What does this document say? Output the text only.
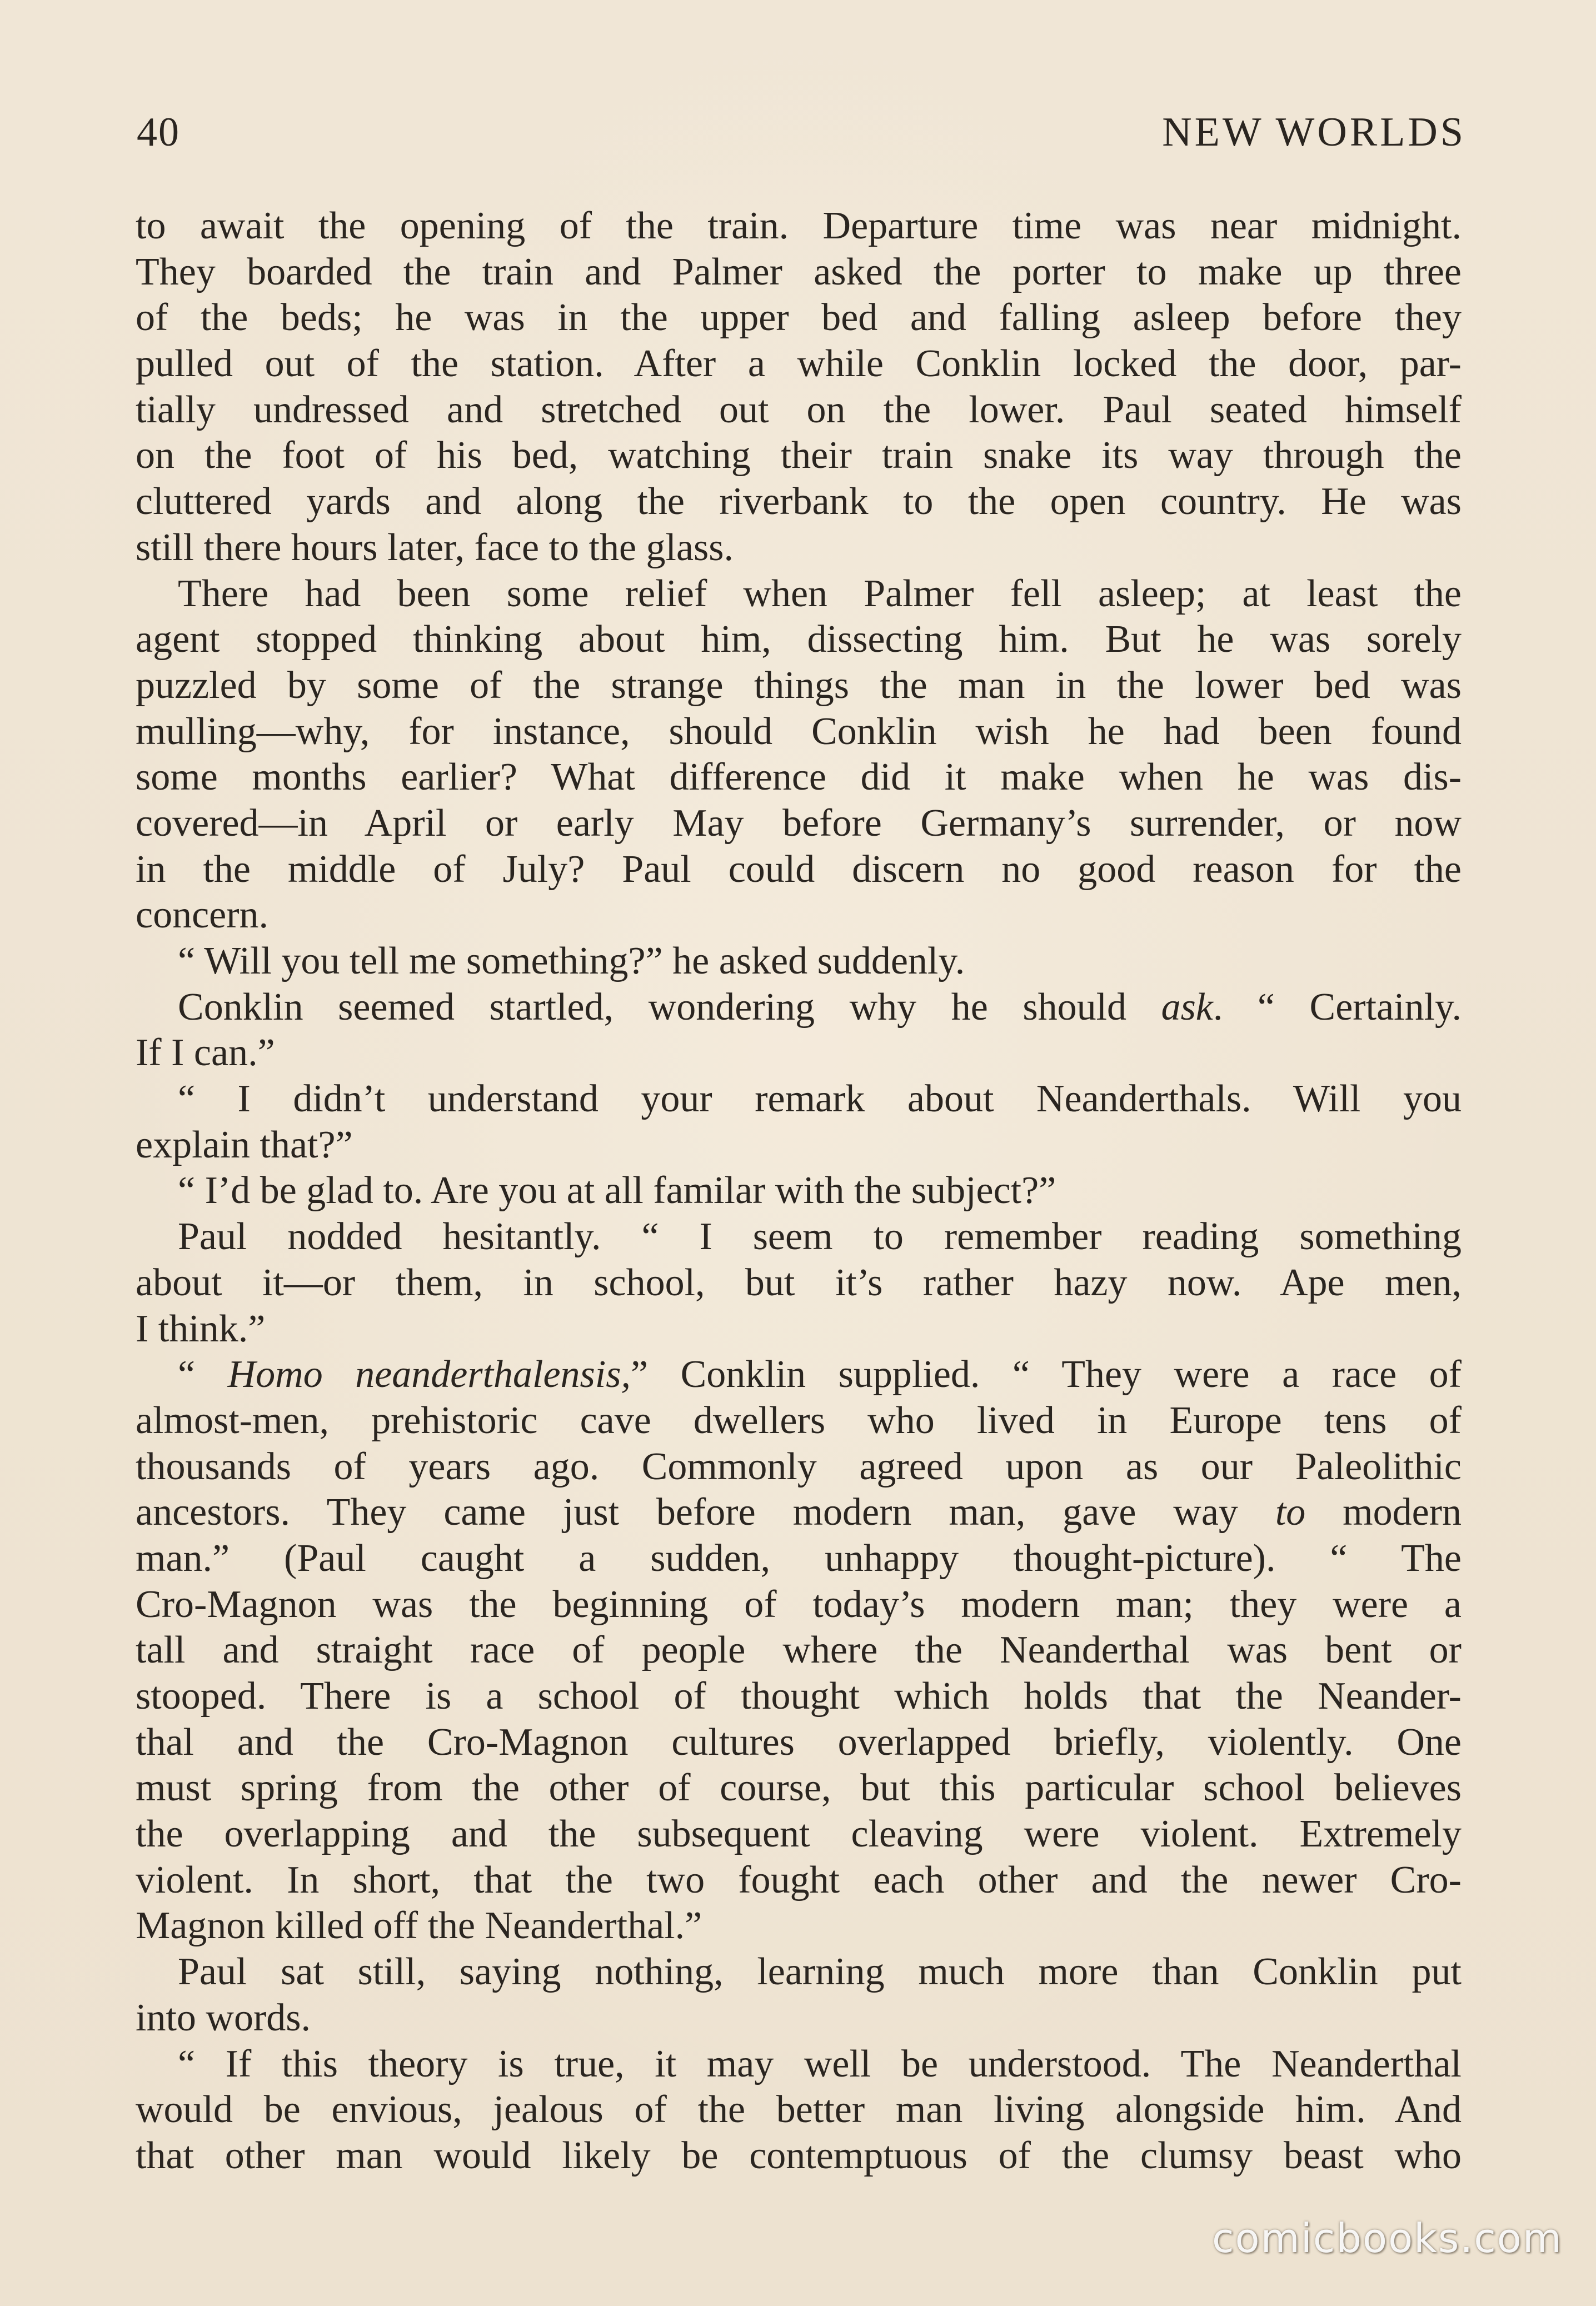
40	NEW WORLDS
to await the opening of the train. Departure time was near midnight.
They boarded the train and Palmer asked the porter to make up three
of the beds; he was in the upper bed and falling asleep before they
pulled out of the station. After a while Conklin locked the door, par-
tially undressed and stretched out on the lower. Paul seated himself
on the foot of his bed, watching their train snake its way through the
cluttered yards and along the riverbank to the open country. He was
still there hours later, face to the glass.
There had been some relief when Palmer fell asleep; at least the
agent stopped thinking about him, dissecting him. But he was sorely
puzzled by some of the strange things the man in the lower bed was
mulling—why, for instance, should Conklin wish he had been found
some months earlier? What difference did it make when he was dis-
covered—in April or early May before Germany’s surrender, or now
in the middle of July? Paul could discern no good reason for the
concern.
“ Will you tell me something?” he asked suddenly.
Conklin seemed startled, wondering why he should ask. “ Certainly.
If I can.”
“ I didn’t understand your remark about Neanderthals. Will you
explain that?”
“ I’d be glad to. Are you at all familar with the subject?”
Paul nodded hesitantly. “ I seem to remember reading something
about it—or them, in school, but it’s rather hazy now. Ape men,
I think.”
“ Homo neanderthalensis,” Conklin supplied. “ They were a race of
almost-men, prehistoric cave dwellers who lived in Europe tens of
thousands of years ago. Commonly agreed upon as our Paleolithic
ancestors. They came just before modern man, gave way to modern
man.” (Paul caught a sudden, unhappy thought-picture). “ The
Cro-Magnon was the beginning of today’s modern man; they were a
tall and straight race of people where the Neanderthal was bent or
stooped. There is a school of thought which holds that the Neander-
thal and the Cro-Magnon cultures overlapped briefly, violently. One
must spring from the other of course, but this particular school believes
the overlapping and the subsequent cleaving were violent. Extremely
violent. In short, that the two fought each other and the newer Cro-
Magnon killed off the Neanderthal.”
Paul sat still, saying nothing, learning much more than Conklin put
into words.
“ If this theory is true, it may well be understood. The Neanderthal
would be envious, jealous of the better man living alongside him. And
that other man would likely be contemptuous of the clumsy beast who
comicbooks.com
